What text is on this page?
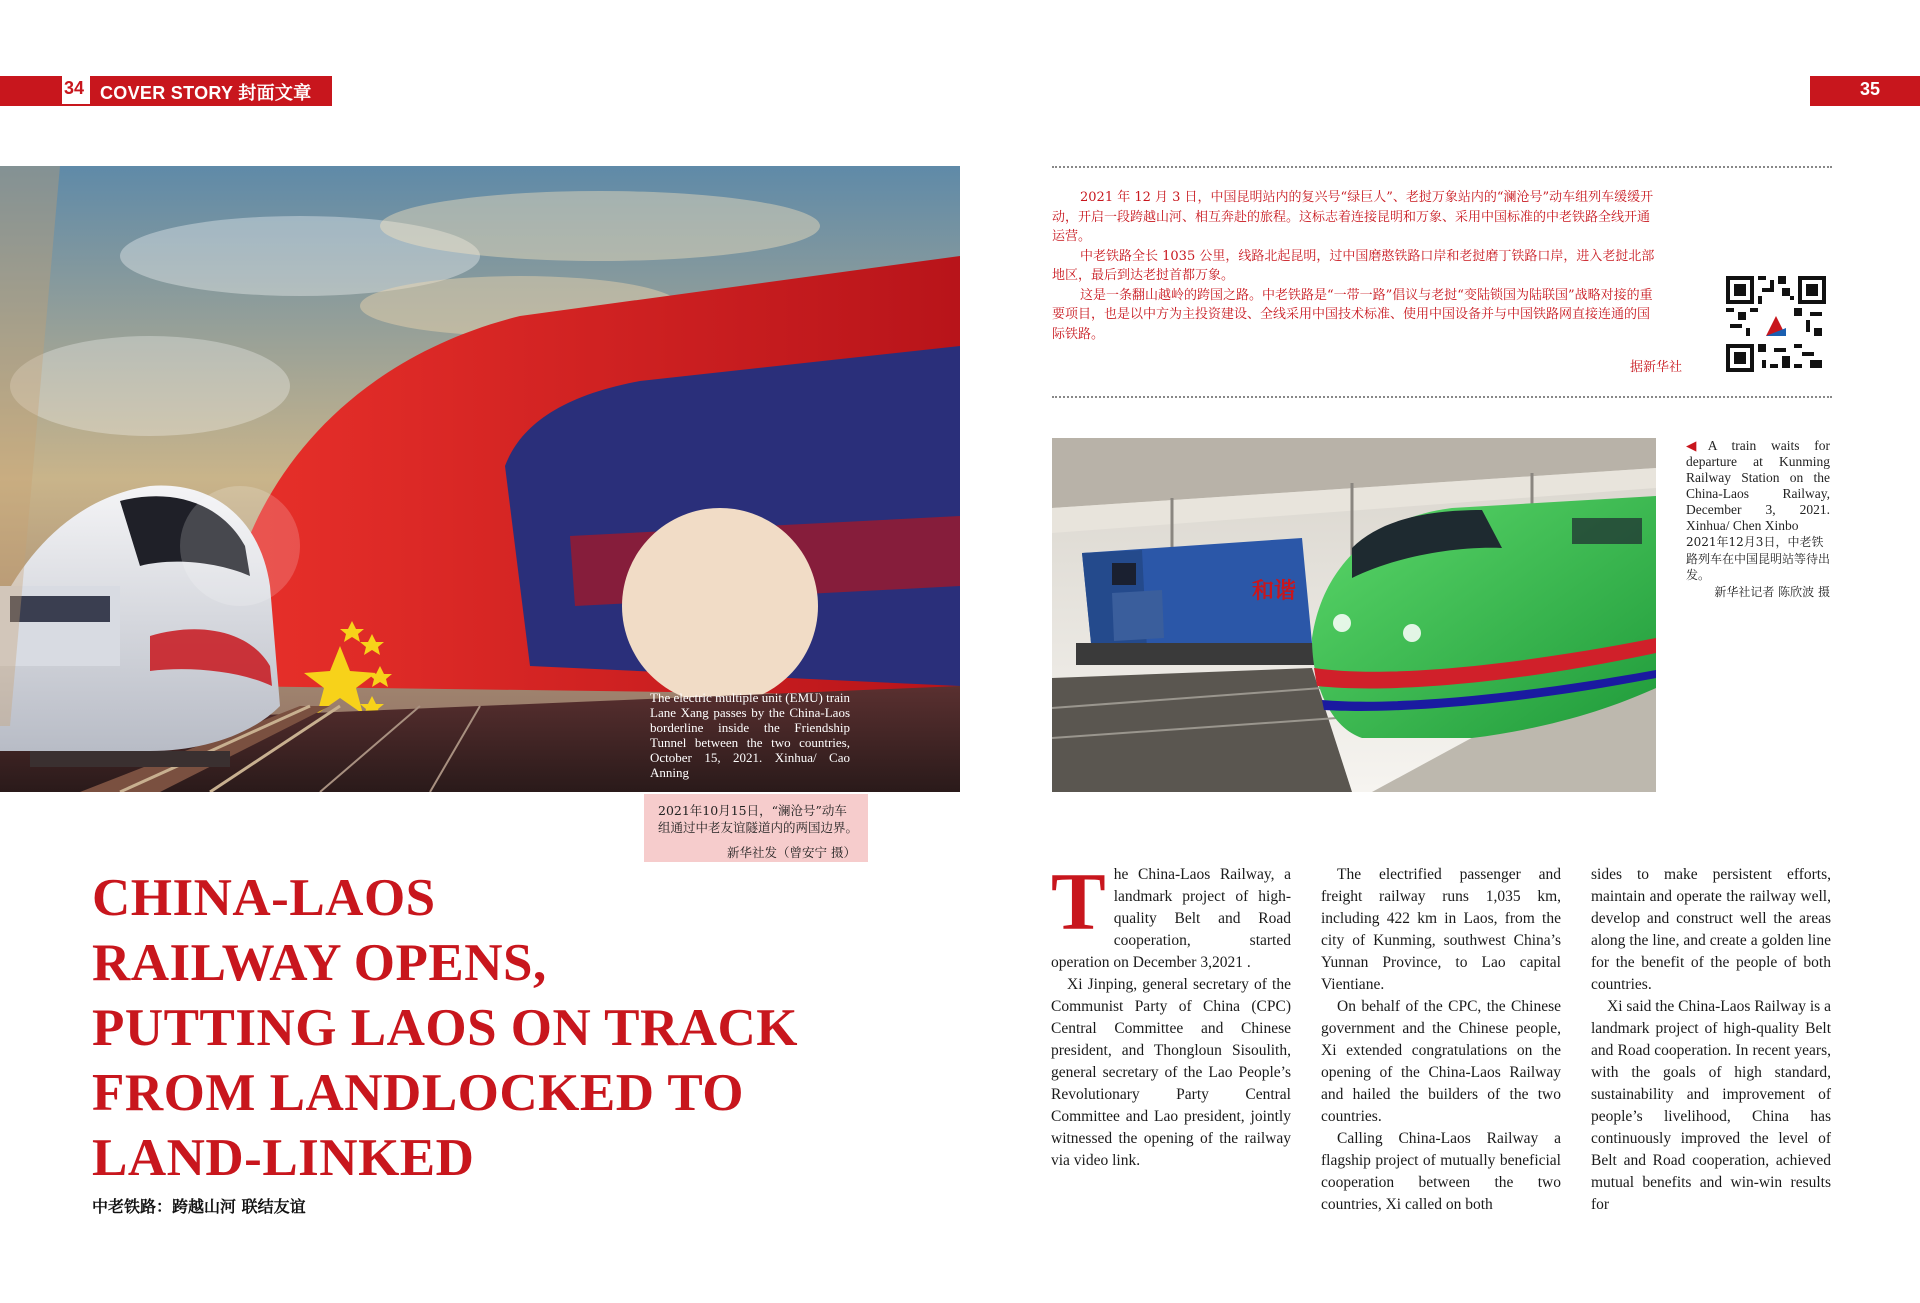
34 COVER STORY 封面文章	35
The electric multiple unit (EMU) train Lane Xang passes by the China-Laos borderline inside the Friendship Tunnel between the two countries, October 15, 2021. Xinhua/ Cao Anning

2021年10月15日，“澜沧号”动车组通过中老友谊隧道内的两国边界。

新华社发（曾安宁 摄）

2021 年 12 月 3 日，中国昆明站内的复兴号“绿巨人”、老挝万象站内的“澜沧号”动车组列车缓缓开动，开启一段跨越山河、相互奔赴的旅程。这标志着连接昆明和万象、采用中国标准的中老铁路全线开通运营。

中老铁路全长 1035 公里，线路北起昆明，过中国磨憨铁路口岸和老挝磨丁铁路口岸，进入老挝北部地区，最后到达老挝首都万象。

这是一条翻山越岭的跨国之路。中老铁路是“一带一路”倡议与老挝“变陆锁国为陆联国”战略对接的重要项目，也是以中方为主投资建设、全线采用中国技术标准、使用中国设备并与中国铁路网直接连通的国际铁路。

据新华社
和谐
◀A train waits for departure at Kunming Railway Station on the China-Laos Railway, December 3, 2021. Xinhua/ Chen Xinbo
2021年12月3日，中老铁路列车在中国昆明站等待出发。
新华社记者 陈欣波 摄
CHINA-LAOS
RAILWAY OPENS,
PUTTING LAOS ON TRACK
FROM LANDLOCKED TO
LAND-LINKED
中老铁路：跨越山河 联结友谊
T he China-Laos Railway, a landmark project of high-quality Belt and Road cooperation, started operation on December 3,2021 .

Xi Jinping, general secretary of the Communist Party of China (CPC) Central Committee and Chinese president, and Thongloun Sisoulith, general secretary of the Lao People’s Revolutionary Party Central Committee and Lao president, jointly witnessed the opening of the railway via video link.

The electrified passenger and freight railway runs 1,035 km, including 422 km in Laos, from the city of Kunming, southwest China’s Yunnan Province, to Lao capital Vientiane.

On behalf of the CPC, the Chinese government and the Chinese people, Xi extended congratulations on the opening of the China-Laos Railway and hailed the builders of the two countries.

Calling China-Laos Railway a flagship project of mutually beneficial cooperation between the two countries, Xi called on both

sides to make persistent efforts, maintain and operate the railway well, develop and construct well the areas along the line, and create a golden line for the benefit of the people of both countries.

Xi said the China-Laos Railway is a landmark project of high-quality Belt and Road cooperation. In recent years, with the goals of high standard, sustainability and improvement of people’s livelihood, China has continuously improved the level of Belt and Road cooperation, achieved mutual benefits and win-win results for
